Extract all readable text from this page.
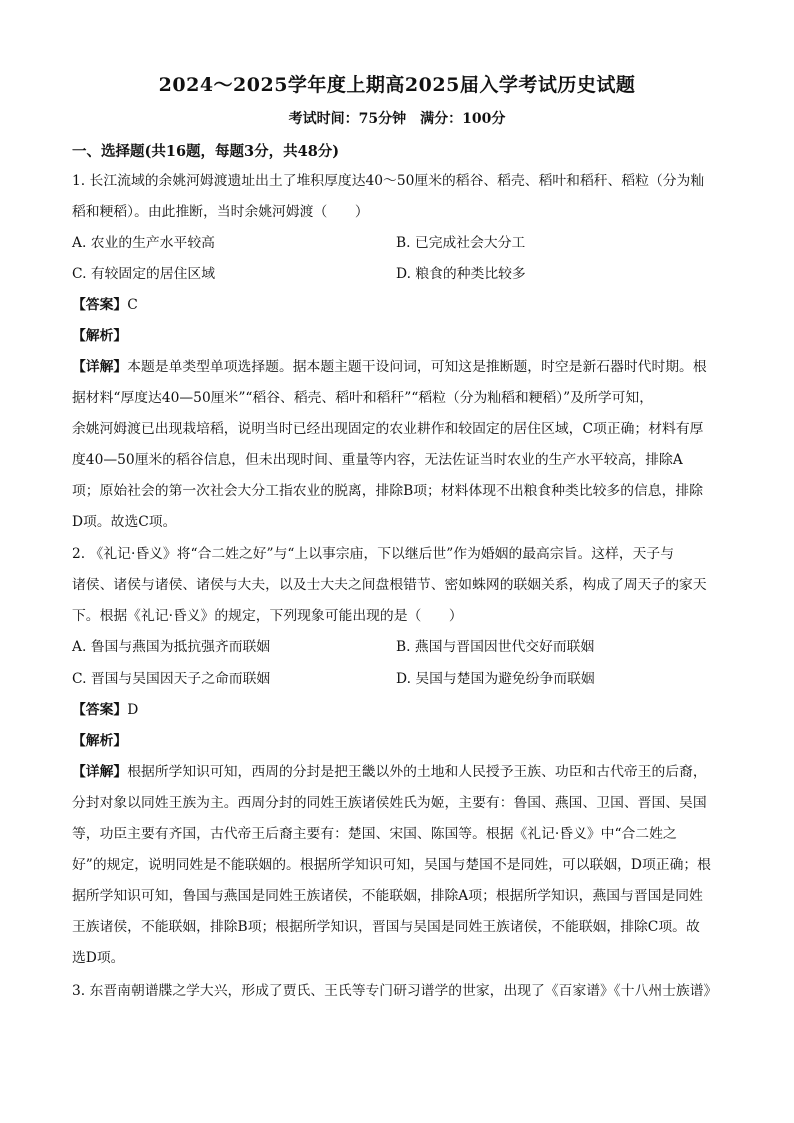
2024～2025学年度上期高2025届入学考试历史试题
考试时间：75分钟　满分：100分
一、选择题(共16题，每题3分，共48分)
1. 长江流域的余姚河姆渡遗址出土了堆积厚度达40～50厘米的稻谷、稻壳、稻叶和稻秆、稻粒（分为籼
稻和粳稻）。由此推断，当时余姚河姆渡（　　）
A. 农业的生产水平较高	B. 已完成社会大分工
C. 有较固定的居住区域	D. 粮食的种类比较多
【答案】C
【解析】
【详解】本题是单类型单项选择题。据本题主题干设问词，可知这是推断题，时空是新石器时代时期。根
据材料“厚度达40—50厘米”“稻谷、稻壳、稻叶和稻秆”“稻粒（分为籼稻和粳稻）”及所学可知，
余姚河姆渡已出现栽培稻，说明当时已经出现固定的农业耕作和较固定的居住区域，C项正确；材料有厚
度40—50厘米的稻谷信息，但未出现时间、重量等内容，无法佐证当时农业的生产水平较高，排除A
项；原始社会的第一次社会大分工指农业的脱离，排除B项；材料体现不出粮食种类比较多的信息，排除
D项。故选C项。
2. 《礼记·昏义》将“合二姓之好”与“上以事宗庙，下以继后世”作为婚姻的最高宗旨。这样，天子与
诸侯、诸侯与诸侯、诸侯与大夫，以及士大夫之间盘根错节、密如蛛网的联姻关系，构成了周天子的家天
下。根据《礼记·昏义》的规定，下列现象可能出现的是（　　）
A. 鲁国与燕国为抵抗强齐而联姻	B. 燕国与晋国因世代交好而联姻
C. 晋国与吴国因天子之命而联姻	D. 吴国与楚国为避免纷争而联姻
【答案】D
【解析】
【详解】根据所学知识可知，西周的分封是把王畿以外的土地和人民授予王族、功臣和古代帝王的后裔，
分封对象以同姓王族为主。西周分封的同姓王族诸侯姓氏为姬，主要有：鲁国、燕国、卫国、晋国、吴国
等，功臣主要有齐国，古代帝王后裔主要有：楚国、宋国、陈国等。根据《礼记·昏义》中“合二姓之
好”的规定，说明同姓是不能联姻的。根据所学知识可知，吴国与楚国不是同姓，可以联姻，D项正确；根
据所学知识可知，鲁国与燕国是同姓王族诸侯，不能联姻，排除A项；根据所学知识，燕国与晋国是同姓
王族诸侯，不能联姻，排除B项；根据所学知识，晋国与吴国是同姓王族诸侯，不能联姻，排除C项。故
选D项。
3. 东晋南朝谱牒之学大兴，形成了贾氏、王氏等专门研习谱学的世家，出现了《百家谱》《十八州士族谱》
